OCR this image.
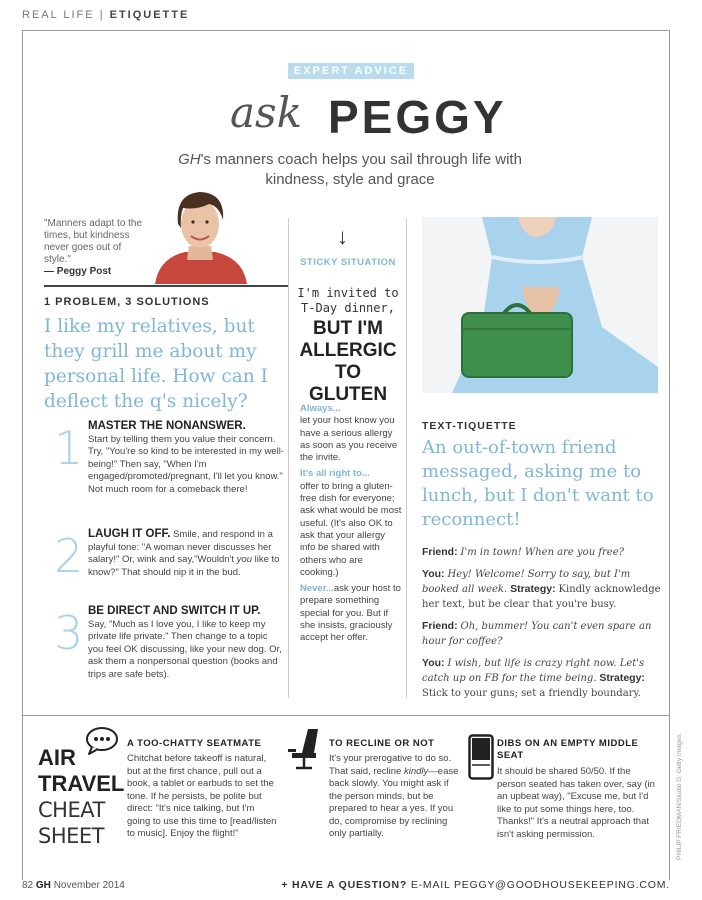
REAL LIFE | ETIQUETTE
EXPERT ADVICE
ask PEGGY
GH's manners coach helps you sail through life with kindness, style and grace
"Manners adapt to the times, but kindness never goes out of style."
— Peggy Post
1 PROBLEM, 3 SOLUTIONS
I like my relatives, but they grill me about my personal life. How can I deflect the q's nicely?
1 MASTER THE NONANSWER.
Start by telling them you value their concern. Try, "You're so kind to be interested in my well-being!" Then say, "When I'm engaged/promoted/pregnant, I'll let you know." Not much room for a comeback there!
2 LAUGH IT OFF. Smile, and respond in a playful tone: "A woman never discusses her salary!" Or, wink and say,"Wouldn't you like to know?" That should nip it in the bud.
3 BE DIRECT AND SWITCH IT UP.
Say, "Much as I love you, I like to keep my private life private." Then change to a topic you feel OK discussing, like your new dog. Or, ask them a nonpersonal question (books and trips are safe bets).
↓
STICKY SITUATION
I'm invited to T-Day dinner,
BUT I'M ALLERGIC TO GLUTEN

Always...
let your host know you have a serious allergy as soon as you receive the invite.

It's all right to...
offer to bring a gluten-free dish for everyone; ask what would be most useful. (It's also OK to ask that your allergy info be shared with others who are cooking.)

Never...ask your host to prepare something special for you. But if she insists, graciously accept her offer.

TEXT-TIQUETTE
An out-of-town friend messaged, asking me to lunch, but I don't want to reconnect!

Friend: I'm in town! When are you free?

You: Hey! Welcome! Sorry to say, but I'm booked all week. Strategy: Kindly acknowledge her text, but be clear that you're busy.

Friend: Oh, bummer! You can't even spare an hour for coffee?

You: I wish, but life is crazy right now. Let's catch up on FB for the time being. Strategy: Stick to your guns; set a friendly boundary.

PHILIP FRIEDMAN/Studio D; Getty Images.
AIR
TRAVEL
CHEAT
SHEET
A TOO-CHATTY SEATMATE
Chitchat before takeoff is natural, but at the first chance, pull out a book, a tablet or earbuds to set the tone. If he persists, be polite but direct: "It's nice talking, but I'm going to use this time to [read/listen to music]. Enjoy the flight!"
TO RECLINE OR NOT
It's your prerogative to do so. That said, recline kindly—ease back slowly. You might ask if the person minds, but be prepared to hear a yes. If you do, compromise by reclining only partially.
DIBS ON AN EMPTY MIDDLE SEAT
It should be shared 50/50. If the person seated has taken over, say (in an upbeat way), "Excuse me, but I'd like to put some things here, too. Thanks!" It's a neutral approach that isn't asking permission.
82 GH November 2014	+ HAVE A QUESTION? E-MAIL PEGGY@GOODHOUSEKEEPING.COM.
